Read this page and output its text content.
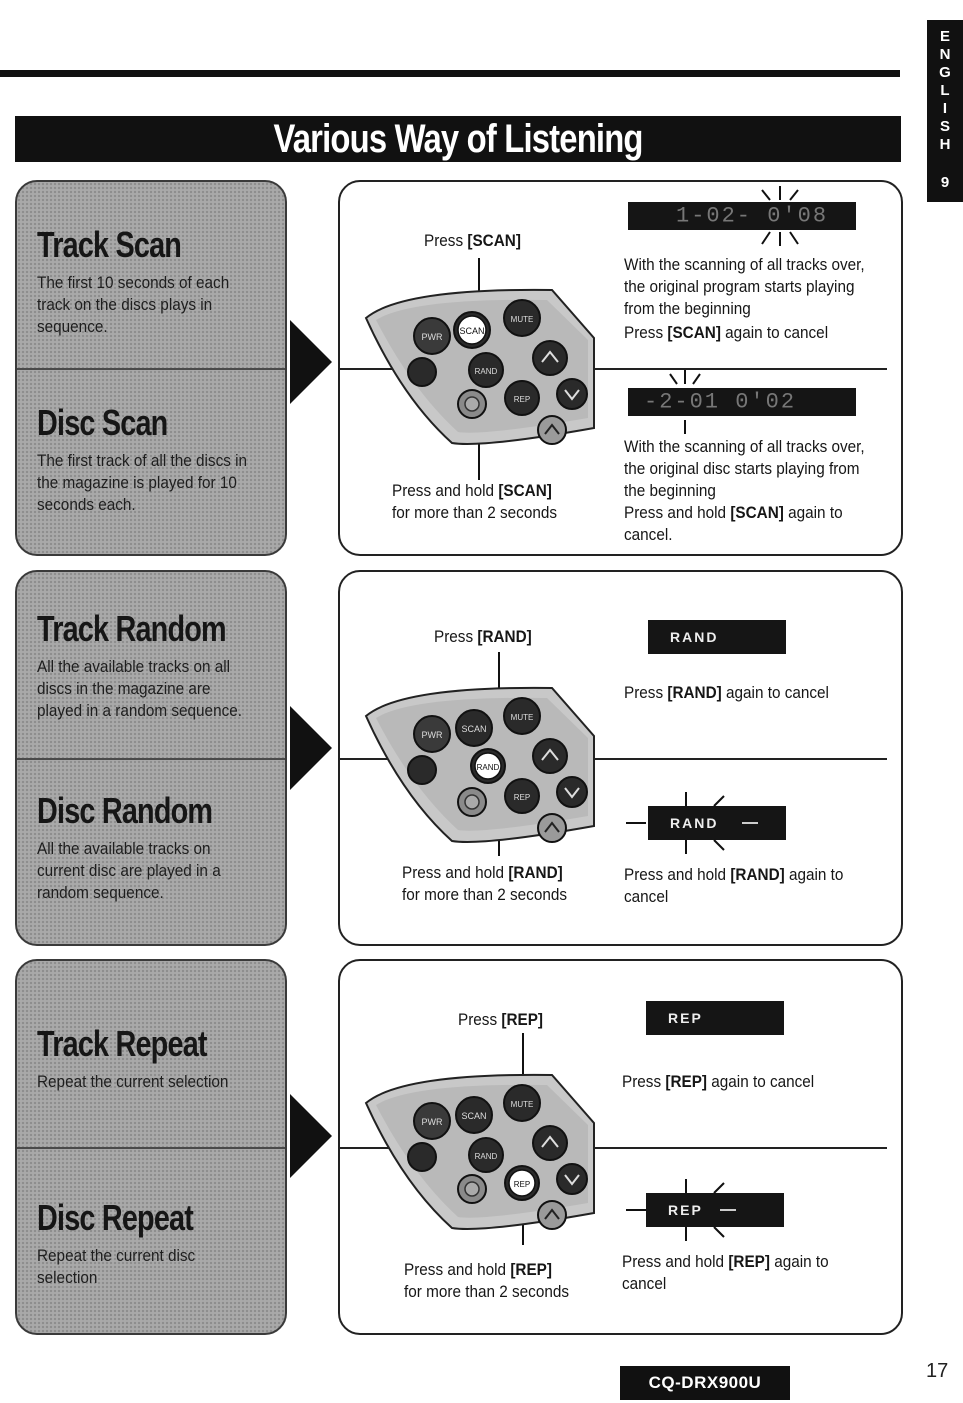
Various Way of Listening
E
N
G
L
I
S
H
9
Track Scan
The first 10 seconds of each track on the discs plays in sequence.
Disc Scan
The first track of all the discs in the magazine is played for 10 seconds each.
Press [SCAN]
PWR
SCAN
MUTE
RAND
REP
Press and hold [SCAN]
for more than 2 seconds
1-02- 0'08
With the scanning of all tracks over,
the original program starts playing
from the beginning
Press [SCAN] again to cancel
-2-01 0'02
With the scanning of all tracks over,
the original disc starts playing from
the beginning
Press and hold [SCAN] again to
cancel.
Track Random
All the available tracks on all discs in the magazine are played in a random sequence.
Disc Random
All the available tracks on current disc are played in a random sequence.
Press [RAND]
PWR
SCAN
MUTE
RAND
REP
Press and hold [RAND]
for more than 2 seconds
RAND
Press [RAND] again to cancel
RAND
Press and hold [RAND] again to
cancel
Track Repeat
Repeat the current selection
Disc Repeat
Repeat the current disc selection
Press [REP]
PWR
SCAN
MUTE
RAND
REP
Press and hold [REP]
for more than 2 seconds
REP
Press [REP] again to cancel
REP
Press and hold [REP] again to
cancel
CQ-DRX900U
17
